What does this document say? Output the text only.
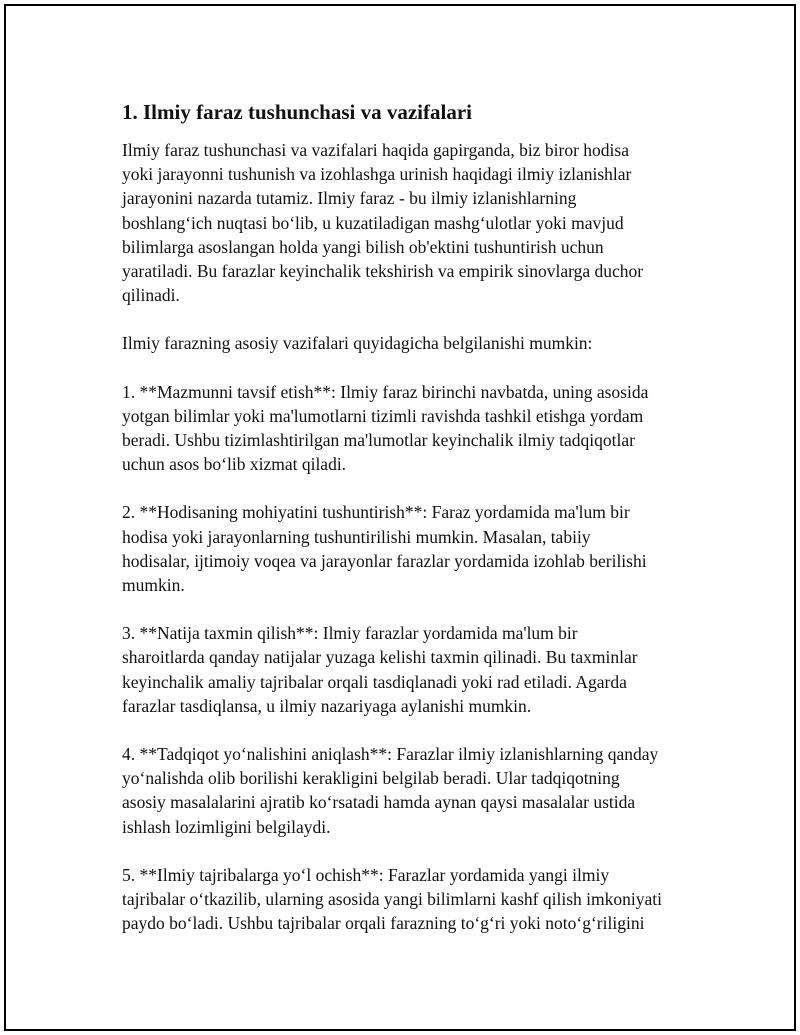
1. Ilmiy faraz tushunchasi va vazifalari

Ilmiy faraz tushunchasi va vazifalari haqida gapirganda, biz biror hodisa
yoki jarayonni tushunish va izohlashga urinish haqidagi ilmiy izlanishlar
jarayonini nazarda tutamiz. Ilmiy faraz - bu ilmiy izlanishlarning
boshlang‘ich nuqtasi bo‘lib, u kuzatiladigan mashg‘ulotlar yoki mavjud
bilimlarga asoslangan holda yangi bilish ob'ektini tushuntirish uchun
yaratiladi. Bu farazlar keyinchalik tekshirish va empirik sinovlarga duchor
qilinadi.

Ilmiy farazning asosiy vazifalari quyidagicha belgilanishi mumkin:

1. **Mazmunni tavsif etish**: Ilmiy faraz birinchi navbatda, uning asosida
yotgan bilimlar yoki ma'lumotlarni tizimli ravishda tashkil etishga yordam
beradi. Ushbu tizimlashtirilgan ma'lumotlar keyinchalik ilmiy tadqiqotlar
uchun asos bo‘lib xizmat qiladi.

2. **Hodisaning mohiyatini tushuntirish**: Faraz yordamida ma'lum bir
hodisa yoki jarayonlarning tushuntirilishi mumkin. Masalan, tabiiy
hodisalar, ijtimoiy voqea va jarayonlar farazlar yordamida izohlab berilishi
mumkin.

3. **Natija taxmin qilish**: Ilmiy farazlar yordamida ma'lum bir
sharoitlarda qanday natijalar yuzaga kelishi taxmin qilinadi. Bu taxminlar
keyinchalik amaliy tajribalar orqali tasdiqlanadi yoki rad etiladi. Agarda
farazlar tasdiqlansa, u ilmiy nazariyaga aylanishi mumkin.

4. **Tadqiqot yo‘nalishini aniqlash**: Farazlar ilmiy izlanishlarning qanday
yo‘nalishda olib borilishi kerakligini belgilab beradi. Ular tadqiqotning
asosiy masalalarini ajratib ko‘rsatadi hamda aynan qaysi masalalar ustida
ishlash lozimligini belgilaydi.

5. **Ilmiy tajribalarga yo‘l ochish**: Farazlar yordamida yangi ilmiy
tajribalar o‘tkazilib, ularning asosida yangi bilimlarni kashf qilish imkoniyati
paydo bo‘ladi. Ushbu tajribalar orqali farazning to‘g‘ri yoki noto‘g‘riligini
